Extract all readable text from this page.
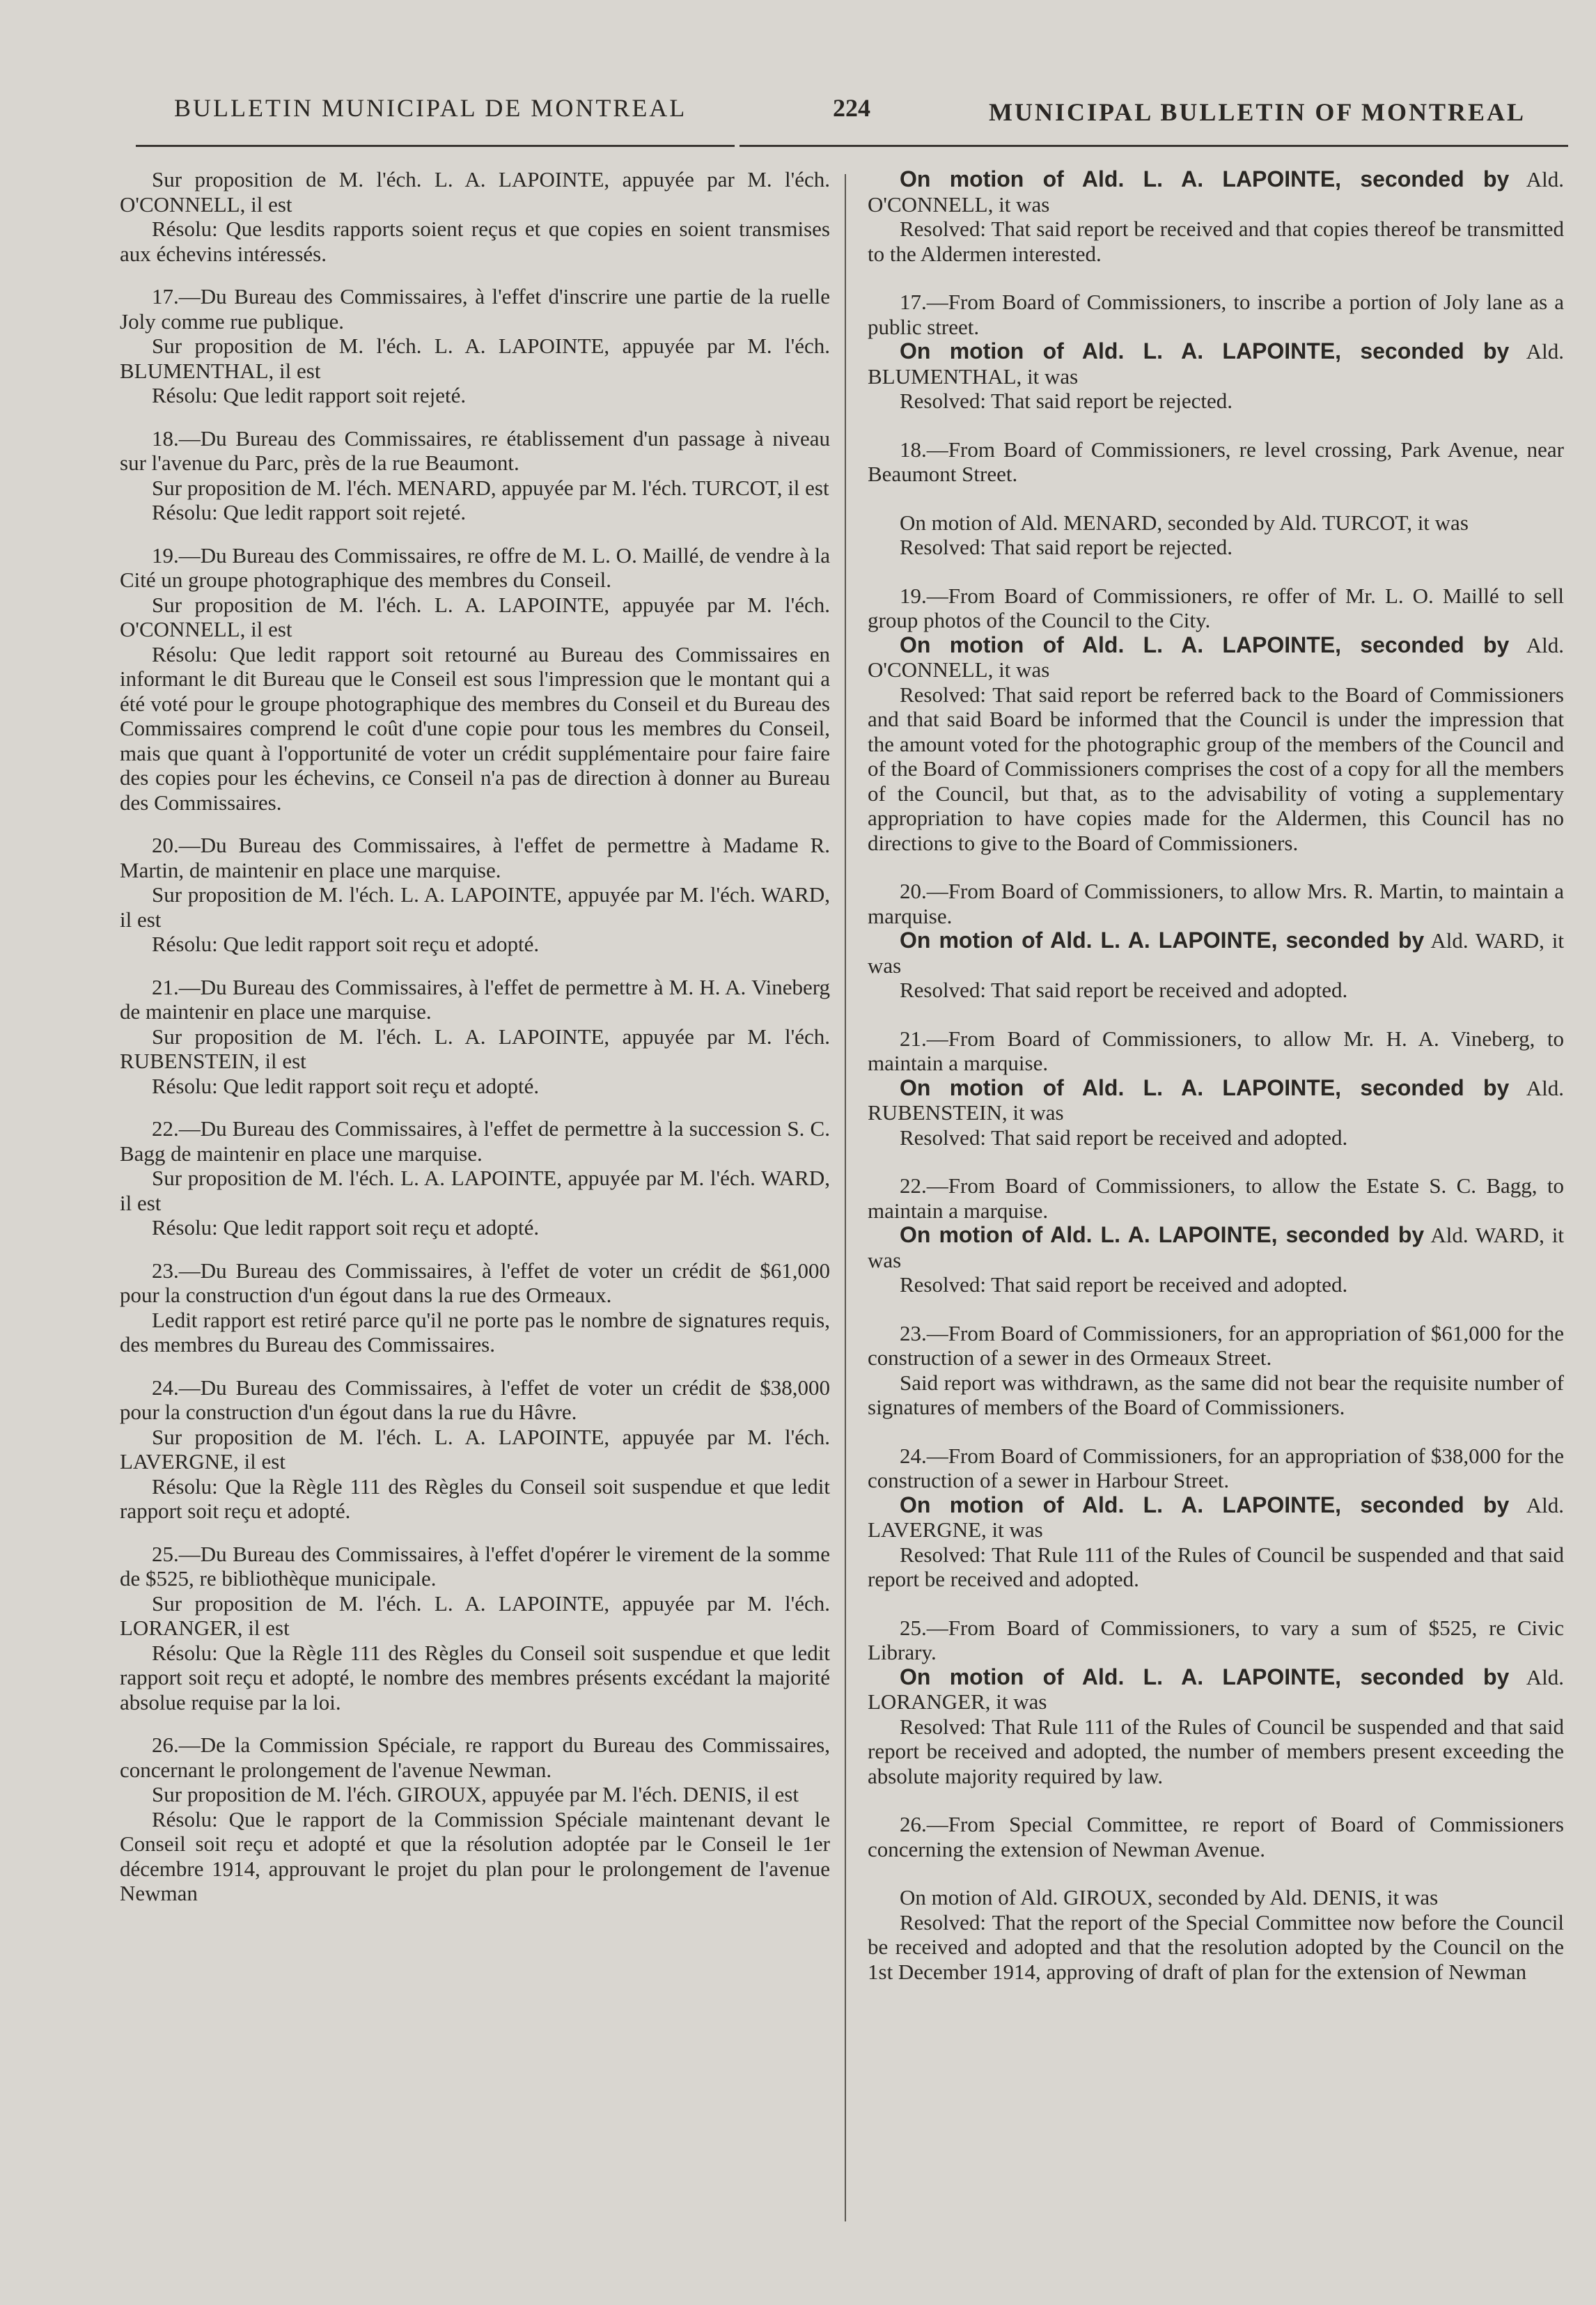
BULLETIN MUNICIPAL DE MONTREAL	224	MUNICIPAL BULLETIN OF MONTREAL

Sur proposition de M. l'éch. L. A. LAPOINTE, appuyée par M. l'éch. O'CONNELL, il est

Résolu: Que lesdits rapports soient reçus et que copies en soient transmises aux échevins intéressés.

17.—Du Bureau des Commissaires, à l'effet d'inscrire une partie de la ruelle Joly comme rue publique.

Sur proposition de M. l'éch. L. A. LAPOINTE, appuyée par M. l'éch. BLUMENTHAL, il est

Résolu: Que ledit rapport soit rejeté.

18.—Du Bureau des Commissaires, re établissement d'un passage à niveau sur l'avenue du Parc, près de la rue Beaumont.

Sur proposition de M. l'éch. MENARD, appuyée par M. l'éch. TURCOT, il est

Résolu: Que ledit rapport soit rejeté.

19.—Du Bureau des Commissaires, re offre de M. L. O. Maillé, de vendre à la Cité un groupe photographique des membres du Conseil.

Sur proposition de M. l'éch. L. A. LAPOINTE, appuyée par M. l'éch. O'CONNELL, il est

Résolu: Que ledit rapport soit retourné au Bureau des Commissaires en informant le dit Bureau que le Conseil est sous l'impression que le montant qui a été voté pour le groupe photographique des membres du Conseil et du Bureau des Commissaires comprend le coût d'une copie pour tous les membres du Conseil, mais que quant à l'opportunité de voter un crédit supplémentaire pour faire faire des copies pour les échevins, ce Conseil n'a pas de direction à donner au Bureau des Commissaires.

20.—Du Bureau des Commissaires, à l'effet de permettre à Madame R. Martin, de maintenir en place une marquise.

Sur proposition de M. l'éch. L. A. LAPOINTE, appuyée par M. l'éch. WARD, il est

Résolu: Que ledit rapport soit reçu et adopté.

21.—Du Bureau des Commissaires, à l'effet de permettre à M. H. A. Vineberg de maintenir en place une marquise.

Sur proposition de M. l'éch. L. A. LAPOINTE, appuyée par M. l'éch. RUBENSTEIN, il est

Résolu: Que ledit rapport soit reçu et adopté.

22.—Du Bureau des Commissaires, à l'effet de permettre à la succession S. C. Bagg de maintenir en place une marquise.

Sur proposition de M. l'éch. L. A. LAPOINTE, appuyée par M. l'éch. WARD, il est

Résolu: Que ledit rapport soit reçu et adopté.

23.—Du Bureau des Commissaires, à l'effet de voter un crédit de $61,000 pour la construction d'un égout dans la rue des Ormeaux.

Ledit rapport est retiré parce qu'il ne porte pas le nombre de signatures requis, des membres du Bureau des Commissaires.

24.—Du Bureau des Commissaires, à l'effet de voter un crédit de $38,000 pour la construction d'un égout dans la rue du Hâvre.

Sur proposition de M. l'éch. L. A. LAPOINTE, appuyée par M. l'éch. LAVERGNE, il est

Résolu: Que la Règle 111 des Règles du Conseil soit suspendue et que ledit rapport soit reçu et adopté.

25.—Du Bureau des Commissaires, à l'effet d'opérer le virement de la somme de $525, re bibliothèque municipale.

Sur proposition de M. l'éch. L. A. LAPOINTE, appuyée par M. l'éch. LORANGER, il est

Résolu: Que la Règle 111 des Règles du Conseil soit suspendue et que ledit rapport soit reçu et adopté, le nombre des membres présents excédant la majorité absolue requise par la loi.

26.—De la Commission Spéciale, re rapport du Bureau des Commissaires, concernant le prolongement de l'avenue Newman.

Sur proposition de M. l'éch. GIROUX, appuyée par M. l'éch. DENIS, il est

Résolu: Que le rapport de la Commission Spéciale maintenant devant le Conseil soit reçu et adopté et que la résolution adoptée par le Conseil le 1er décembre 1914, approuvant le projet du plan pour le prolongement de l'avenue Newman

On motion of Ald. L. A. LAPOINTE, seconded by Ald. O'CONNELL, it was

Resolved: That said report be received and that copies thereof be transmitted to the Aldermen interested.

17.—From Board of Commissioners, to inscribe a portion of Joly lane as a public street.

On motion of Ald. L. A. LAPOINTE, seconded by Ald. BLUMENTHAL, it was

Resolved: That said report be rejected.

18.—From Board of Commissioners, re level crossing, Park Avenue, near Beaumont Street.

On motion of Ald. MENARD, seconded by Ald. TURCOT, it was

Resolved: That said report be rejected.

19.—From Board of Commissioners, re offer of Mr. L. O. Maillé to sell group photos of the Council to the City.

On motion of Ald. L. A. LAPOINTE, seconded by Ald. O'CONNELL, it was

Resolved: That said report be referred back to the Board of Commissioners and that said Board be informed that the Council is under the impression that the amount voted for the photographic group of the members of the Council and of the Board of Commissioners comprises the cost of a copy for all the members of the Council, but that, as to the advisability of voting a supplementary appropriation to have copies made for the Aldermen, this Council has no directions to give to the Board of Commissioners.

20.—From Board of Commissioners, to allow Mrs. R. Martin, to maintain a marquise.

On motion of Ald. L. A. LAPOINTE, seconded by Ald. WARD, it was

Resolved: That said report be received and adopted.

21.—From Board of Commissioners, to allow Mr. H. A. Vineberg, to maintain a marquise.

On motion of Ald. L. A. LAPOINTE, seconded by Ald. RUBENSTEIN, it was

Resolved: That said report be received and adopted.

22.—From Board of Commissioners, to allow the Estate S. C. Bagg, to maintain a marquise.

On motion of Ald. L. A. LAPOINTE, seconded by Ald. WARD, it was

Resolved: That said report be received and adopted.

23.—From Board of Commissioners, for an appropriation of $61,000 for the construction of a sewer in des Ormeaux Street.

Said report was withdrawn, as the same did not bear the requisite number of signatures of members of the Board of Commissioners.

24.—From Board of Commissioners, for an appropriation of $38,000 for the construction of a sewer in Harbour Street.

On motion of Ald. L. A. LAPOINTE, seconded by Ald. LAVERGNE, it was

Resolved: That Rule 111 of the Rules of Council be suspended and that said report be received and adopted.

25.—From Board of Commissioners, to vary a sum of $525, re Civic Library.

On motion of Ald. L. A. LAPOINTE, seconded by Ald. LORANGER, it was

Resolved: That Rule 111 of the Rules of Council be suspended and that said report be received and adopted, the number of members present exceeding the absolute majority required by law.

26.—From Special Committee, re report of Board of Commissioners concerning the extension of Newman Avenue.

On motion of Ald. GIROUX, seconded by Ald. DENIS, it was

Resolved: That the report of the Special Committee now before the Council be received and adopted and that the resolution adopted by the Council on the 1st December 1914, approving of draft of plan for the extension of Newman
